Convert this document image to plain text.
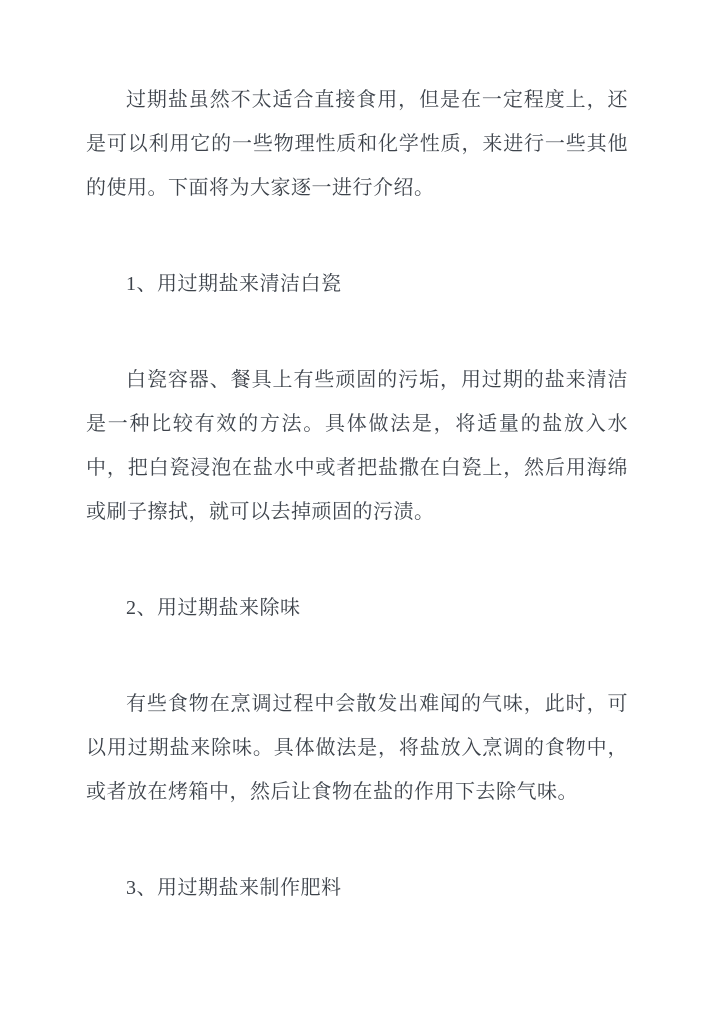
过期盐虽然不太适合直接食用，但是在一定程度上，还是可以利用它的一些物理性质和化学性质，来进行一些其他的使用。下面将为大家逐一进行介绍。

1、用过期盐来清洁白瓷

白瓷容器、餐具上有些顽固的污垢，用过期的盐来清洁是一种比较有效的方法。具体做法是，将适量的盐放入水中，把白瓷浸泡在盐水中或者把盐撒在白瓷上，然后用海绵或刷子擦拭，就可以去掉顽固的污渍。

2、用过期盐来除味

有些食物在烹调过程中会散发出难闻的气味，此时，可以用过期盐来除味。具体做法是，将盐放入烹调的食物中，或者放在烤箱中，然后让食物在盐的作用下去除气味。

3、用过期盐来制作肥料
